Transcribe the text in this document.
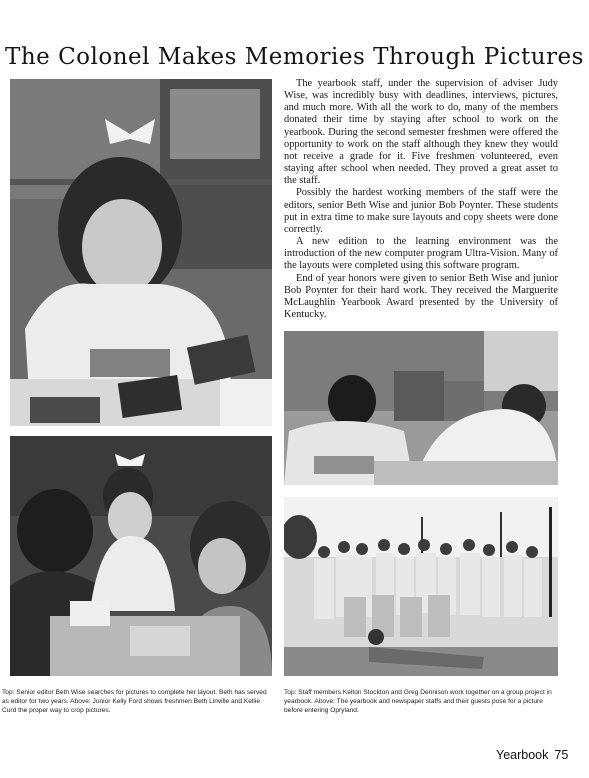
The Colonel Makes Memories Through Pictures

The yearbook staff, under the supervision of adviser Judy Wise, was incredibly busy with deadlines, interviews, pictures, and much more. With all the work to do, many of the members donated their time by staying after school to work on the yearbook. During the second semester freshmen were offered the opportunity to work on the staff although they knew they would not receive a grade for it. Five freshmen volunteered, even staying after school when needed. They proved a great asset to the staff.

Possibly the hardest working members of the staff were the editors, senior Beth Wise and junior Bob Poynter. These students put in extra time to make sure layouts and copy sheets were done correctly.

A new edition to the learning environment was the introduction of the new computer program Ultra-Vision. Many of the layouts were completed using this software program.

End of year honors were given to senior Beth Wise and junior Bob Poynter for their hard work. They received the Marguerite McLaughlin Yearbook Award presented by the University of Kentucky.

Top: Senior editor Beth Wise searches for pictures to complete her layout. Beth has served as editor for two years. Above: Junior Kelly Ford shows freshmen Beth Linville and Kellie Curd the proper way to crop pictures.
Top: Staff members Kelton Stockton and Greg Dennison work together on a group project in yearbook. Above: The yearbook and newspaper staffs and their guests pose for a picture before entering Opryland.
Yearbook 75
